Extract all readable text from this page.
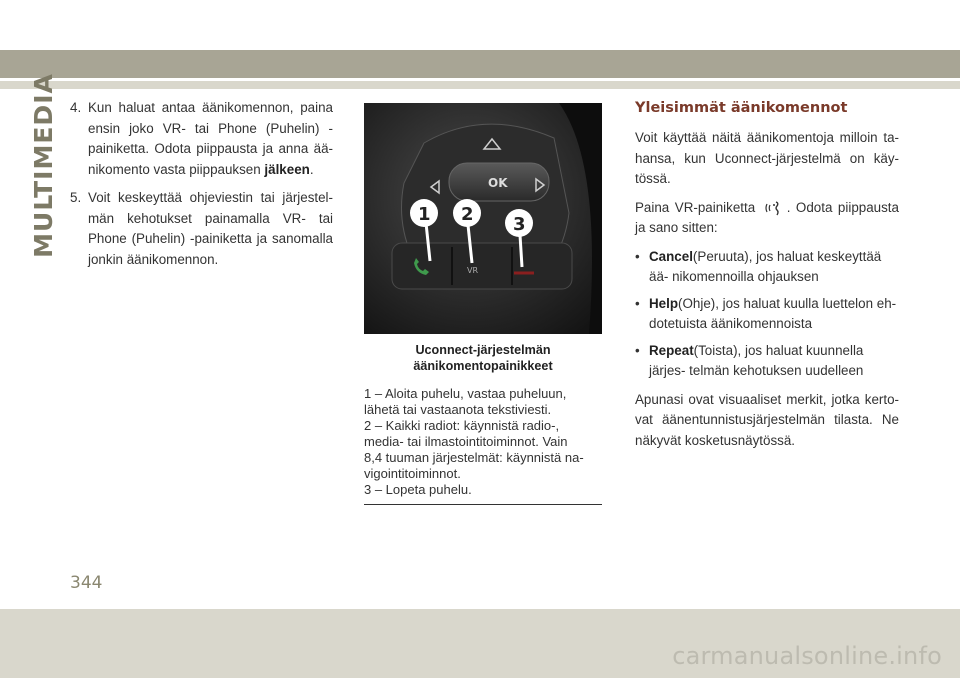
MULTIMEDIA 4. Kun haluat antaa äänikomennon, paina ensin joko VR- tai Phone (Puhelin) -painiketta. Odota piippausta ja anna ää- nikomento vasta piippauksen jälkeen.
5. Voit keskeyttää ohjeviestin tai järjestel- män kehotukset painamalla VR- tai Phone (Puhelin) -painiketta ja sanomalla jonkin äänikomennon.
OK
VR
1 2 3
Uconnect-järjestelmän
äänikomentopainikkeet
1 – Aloita puhelu, vastaa puheluun,
lähetä tai vastaanota tekstiviesti.
2 – Kaikki radiot: käynnistä radio-,
media- tai ilmastointitoiminnot. Vain
8,4 tuuman järjestelmät: käynnistä na-
vigointitoiminnot.
3 – Lopeta puhelu.
Yleisimmät äänikomennot

Voit käyttää näitä äänikomentoja milloin ta- hansa, kun Uconnect-järjestelmä on käy- tössä.

Paina VR-painiketta . Odota piippausta ja sano sitten:

• Cancel(Peruuta), jos haluat keskeyttää ää- nikomennoilla ohjauksen
• Help(Ohje), jos haluat kuulla luettelon eh- dotetuista äänikomennoista
• Repeat(Toista), jos haluat kuunnella järjes- telmän kehotuksen uudelleen

Apunasi ovat visuaaliset merkit, jotka kerto- vat äänentunnistusjärjestelmän tilasta. Ne näkyvät kosketusnäytössä.

344
carmanualsonline.info
